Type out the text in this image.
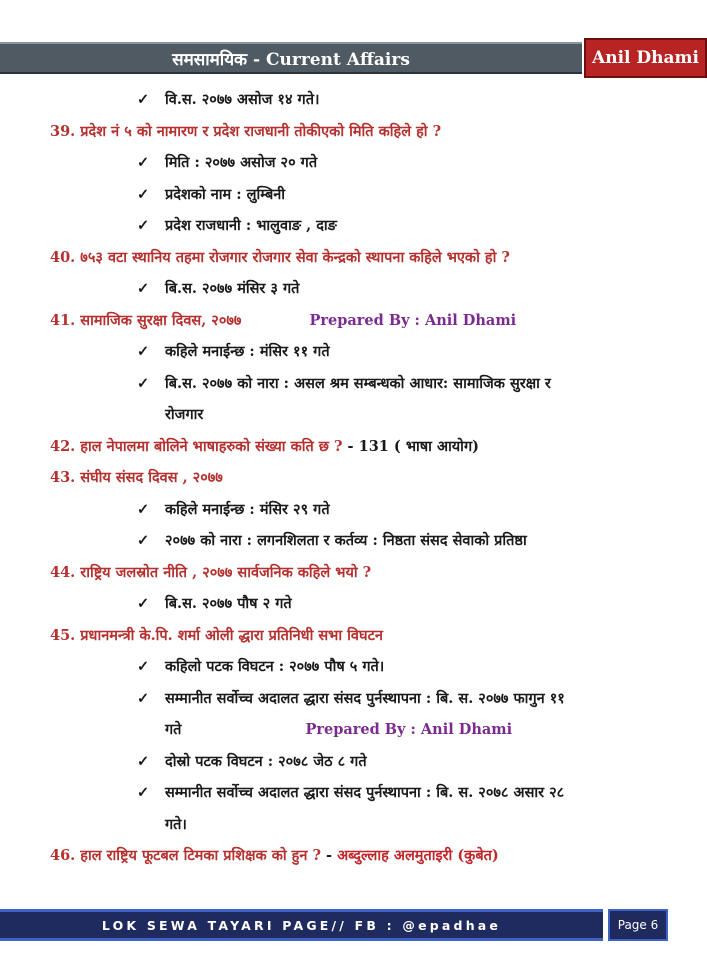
समसामयिक - Current Affairs	Anil Dhami
✓	वि.स. २०७७ असोज १४ गते।
39. प्रदेश नं ५ को नामारण र प्रदेश राजधानी तोकीएको मिति कहिले हो ?
✓	मिति : २०७७ असोज २० गते
✓	प्रदेशको नाम : लुम्बिनी
✓	प्रदेश राजधानी : भालुवाङ , दाङ
40. ७५३ वटा स्थानिय तहमा रोजगार रोजगार सेवा केन्द्रको स्थापना कहिले भएको हो ?
✓	बि.स. २०७७ मंसिर ३ गते
41. सामाजिक सुरक्षा दिवस, २०७७	Prepared By : Anil Dhami
✓	कहिले मनाईन्छ : मंसिर ११ गते
✓	बि.स. २०७७ को नारा : असल श्रम सम्बन्धको आधार: सामाजिक सुरक्षा र
रोजगार
42. हाल नेपालमा बोलिने भाषाहरुको संख्या कति छ ? - 131 ( भाषा आयोग)
43. संघीय संसद दिवस , २०७७
✓	कहिले मनाईन्छ : मंसिर २९ गते
✓	२०७७ को नारा : लगनशिलता र कर्तव्य : निष्ठता संसद सेवाको प्रतिष्ठा
44. राष्ट्रिय जलस्रोत नीति , २०७७ सार्वजनिक कहिले भयो ?
✓	बि.स. २०७७ पौष २ गते
45. प्रधानमन्त्री के.पि. शर्मा ओली द्धारा प्रतिनिधी सभा विघटन
✓	कहिलो पटक विघटन : २०७७ पौष ५ गते।
✓	सम्मानीत सर्वोच्च अदालत द्धारा संसद पुर्नस्थापना : बि. स. २०७७ फागुन ११
गते	Prepared By : Anil Dhami
✓	दोस्रो पटक विघटन : २०७८ जेठ ८ गते
✓	सम्मानीत सर्वोच्च अदालत द्धारा संसद पुर्नस्थापना : बि. स. २०७८ असार २८
गते।
46. हाल राष्ट्रिय फूटबल टिमका प्रशिक्षक को हुन ? - अब्दुल्लाह अलमुताइरी (कुबेत)
LOK SEWA TAYARI PAGE// FB : @epadhae	Page 6
